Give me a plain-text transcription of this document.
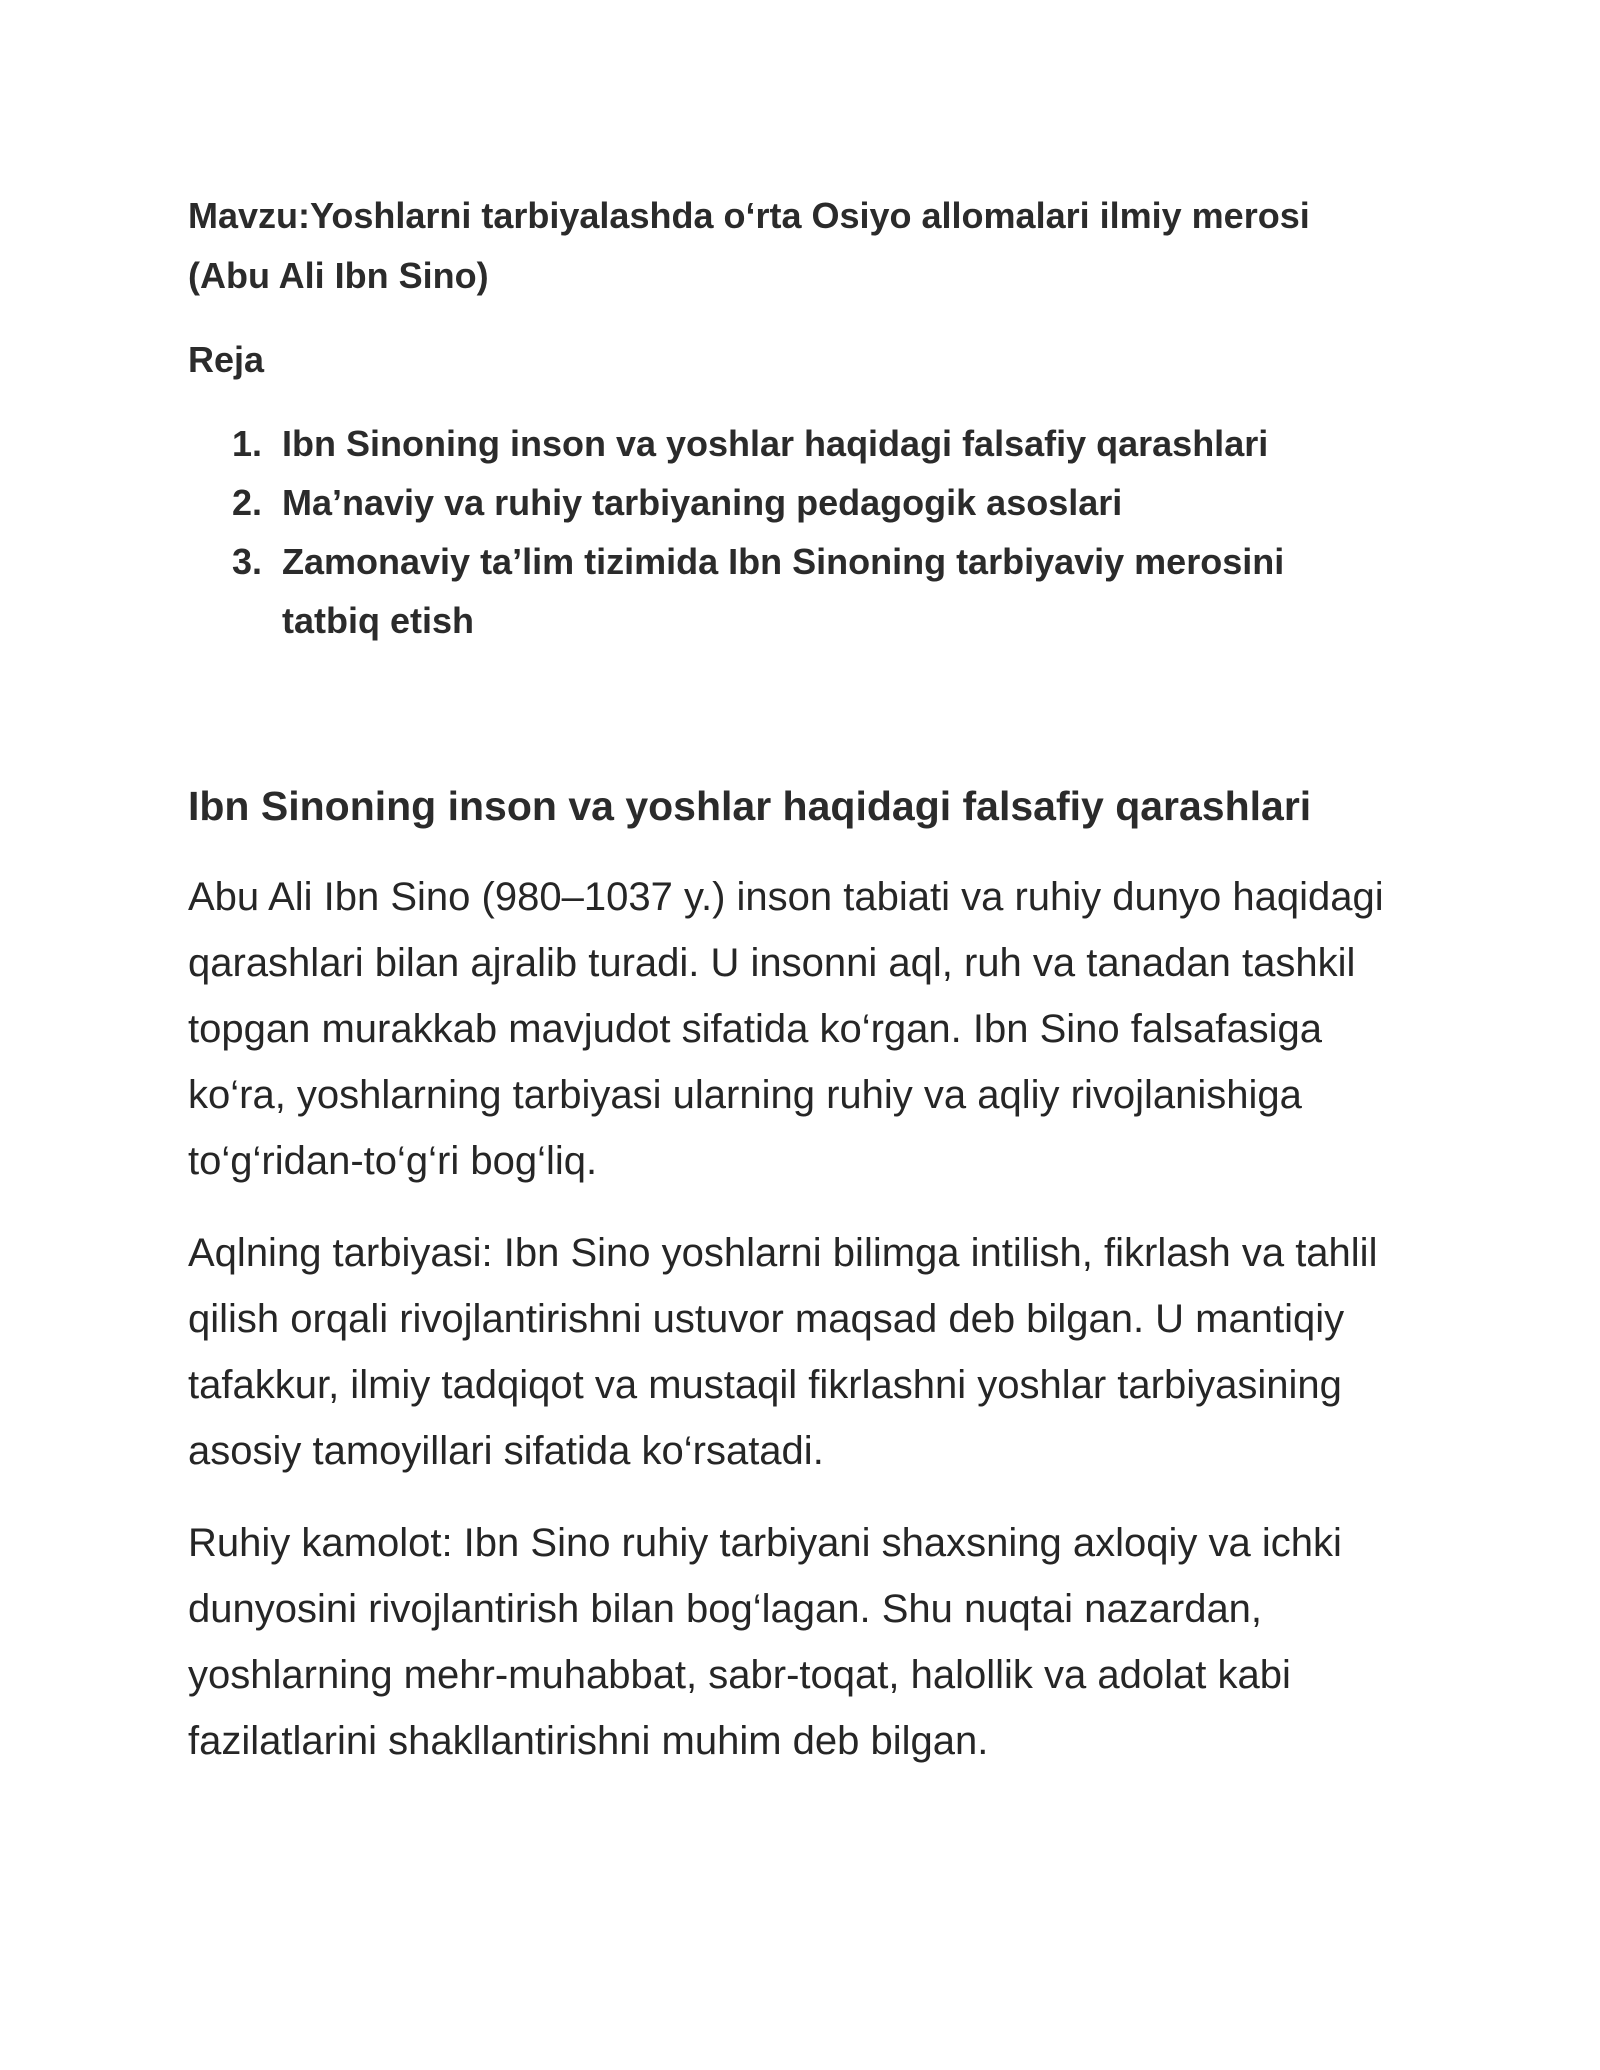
Mavzu:Yoshlarni tarbiyalashda o‘rta Osiyo allomalari ilmiy merosi (Abu Ali Ibn Sino)

Reja

1. Ibn Sinoning inson va yoshlar haqidagi falsafiy qarashlari
2. Ma’naviy va ruhiy tarbiyaning pedagogik asoslari
3. Zamonaviy ta’lim tizimida Ibn Sinoning tarbiyaviy merosini tatbiq etish
Ibn Sinoning inson va yoshlar haqidagi falsafiy qarashlari

Abu Ali Ibn Sino (980–1037 y.) inson tabiati va ruhiy dunyo haqidagi qarashlari bilan ajralib turadi. U insonni aql, ruh va tanadan tashkil topgan murakkab mavjudot sifatida ko‘rgan. Ibn Sino falsafasiga ko‘ra, yoshlarning tarbiyasi ularning ruhiy va aqliy rivojlanishiga to‘g‘ridan-to‘g‘ri bog‘liq.

Aqlning tarbiyasi: Ibn Sino yoshlarni bilimga intilish, fikrlash va tahlil qilish orqali rivojlantirishni ustuvor maqsad deb bilgan. U mantiqiy tafakkur, ilmiy tadqiqot va mustaqil fikrlashni yoshlar tarbiyasining asosiy tamoyillari sifatida ko‘rsatadi.

Ruhiy kamolot: Ibn Sino ruhiy tarbiyani shaxsning axloqiy va ichki dunyosini rivojlantirish bilan bog‘lagan. Shu nuqtai nazardan, yoshlarning mehr-muhabbat, sabr-toqat, halollik va adolat kabi fazilatlarini shakllantirishni muhim deb bilgan.
